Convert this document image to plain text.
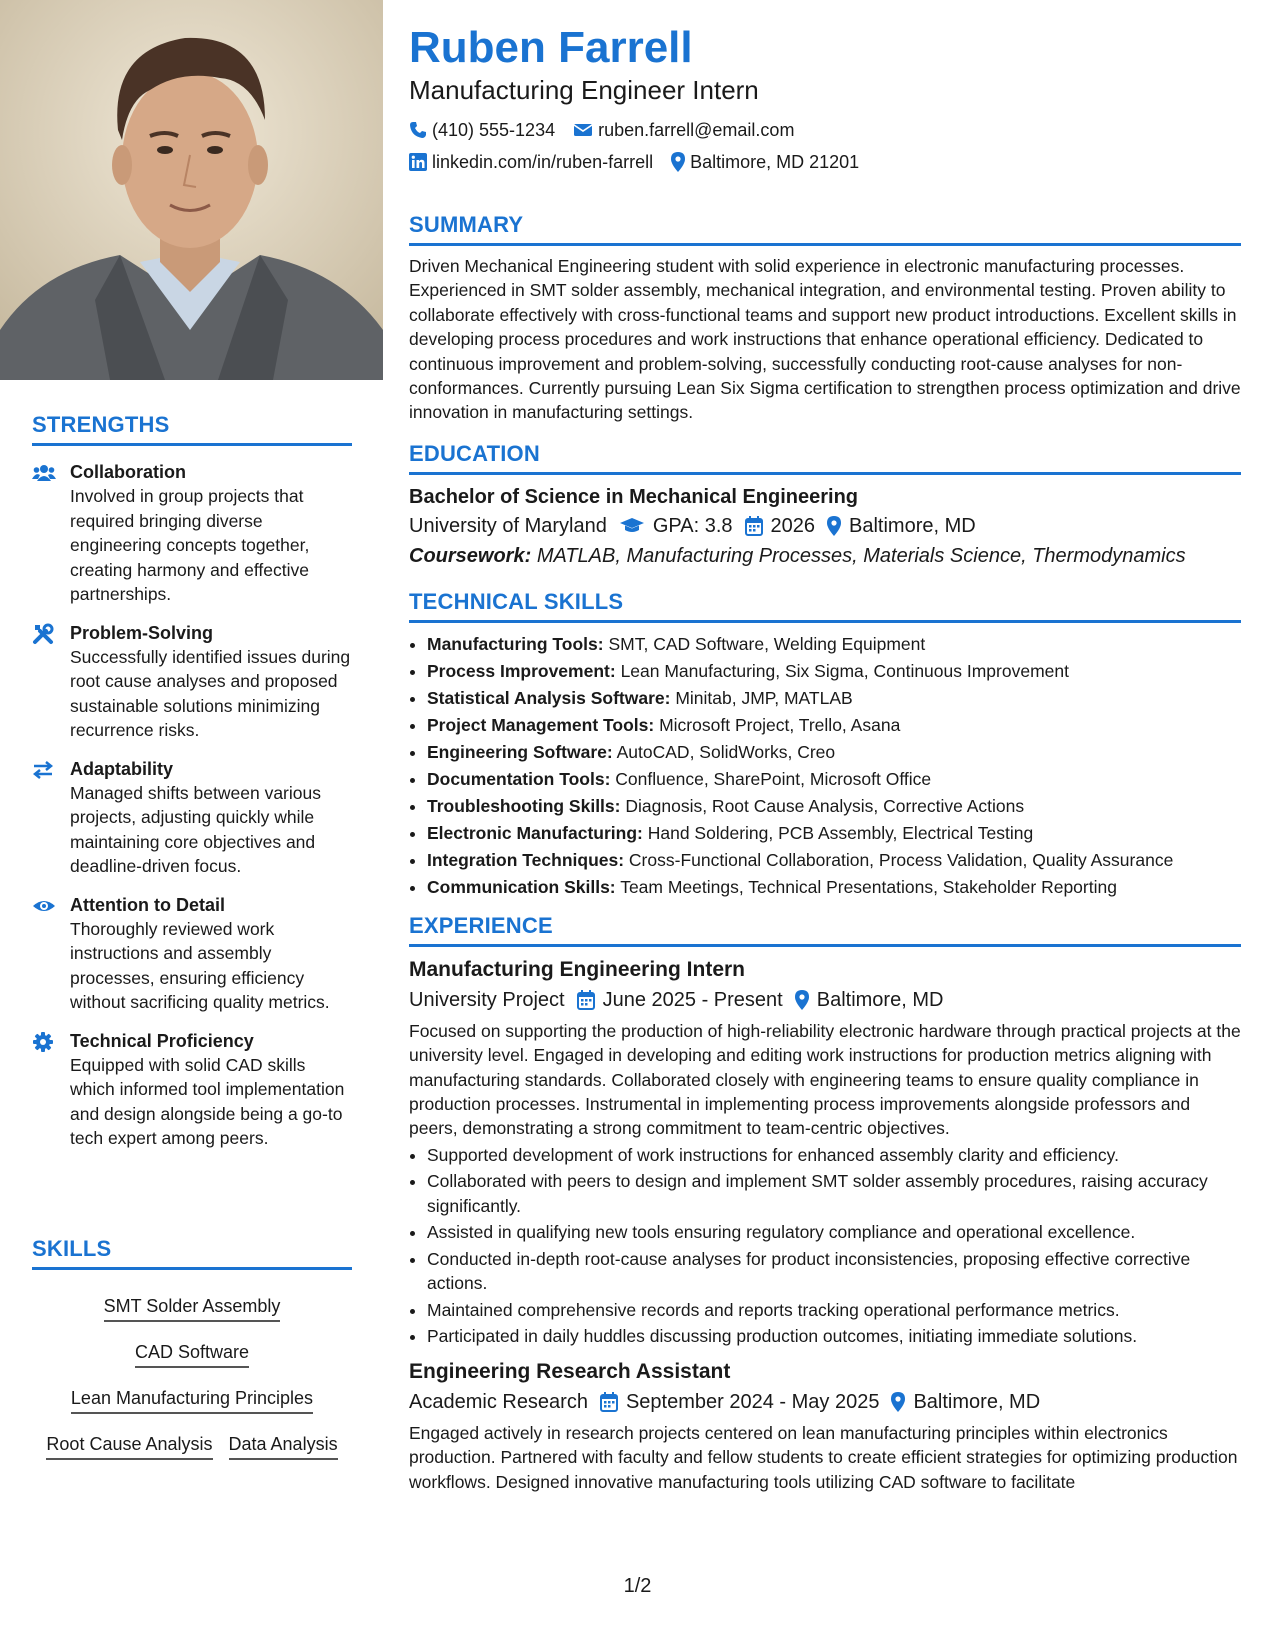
STRENGTHS
Collaboration
Involved in group projects that required bringing diverse engineering concepts together, creating harmony and effective partnerships.
Problem-Solving
Successfully identified issues during root cause analyses and proposed sustainable solutions minimizing recurrence risks.
Adaptability
Managed shifts between various projects, adjusting quickly while maintaining core objectives and deadline-driven focus.
Attention to Detail
Thoroughly reviewed work instructions and assembly processes, ensuring efficiency without sacrificing quality metrics.
Technical Proficiency
Equipped with solid CAD skills which informed tool implementation and design alongside being a go-to tech expert among peers.
SKILLS
SMT Solder Assembly
CAD Software
Lean Manufacturing Principles
Root Cause Analysis Data Analysis
Ruben Farrell
Manufacturing Engineer Intern
(410) 555-1234 ruben.farrell@email.com
linkedin.com/in/ruben-farrell Baltimore, MD 21201
SUMMARY

Driven Mechanical Engineering student with solid experience in electronic manufacturing processes. Experienced in SMT solder assembly, mechanical integration, and environmental testing. Proven ability to collaborate effectively with cross-functional teams and support new product introductions. Excellent skills in developing process procedures and work instructions that enhance operational efficiency. Dedicated to continuous improvement and problem-solving, successfully conducting root-cause analyses for non-conformances. Currently pursuing Lean Six Sigma certification to strengthen process optimization and drive innovation in manufacturing settings.

EDUCATION
Bachelor of Science in Mechanical Engineering
University of Maryland GPA: 3.8 2026 Baltimore, MD
Coursework: MATLAB, Manufacturing Processes, Materials Science, Thermodynamics
TECHNICAL SKILLS
• Manufacturing Tools: SMT, CAD Software, Welding Equipment
• Process Improvement: Lean Manufacturing, Six Sigma, Continuous Improvement
• Statistical Analysis Software: Minitab, JMP, MATLAB
• Project Management Tools: Microsoft Project, Trello, Asana
• Engineering Software: AutoCAD, SolidWorks, Creo
• Documentation Tools: Confluence, SharePoint, Microsoft Office
• Troubleshooting Skills: Diagnosis, Root Cause Analysis, Corrective Actions
• Electronic Manufacturing: Hand Soldering, PCB Assembly, Electrical Testing
• Integration Techniques: Cross-Functional Collaboration, Process Validation, Quality Assurance
• Communication Skills: Team Meetings, Technical Presentations, Stakeholder Reporting
EXPERIENCE
Manufacturing Engineering Intern
University Project June 2025 - Present Baltimore, MD

Focused on supporting the production of high-reliability electronic hardware through practical projects at the university level. Engaged in developing and editing work instructions for production metrics aligning with manufacturing standards. Collaborated closely with engineering teams to ensure quality compliance in production processes. Instrumental in implementing process improvements alongside professors and peers, demonstrating a strong commitment to team-centric objectives.

• Supported development of work instructions for enhanced assembly clarity and efficiency.
• Collaborated with peers to design and implement SMT solder assembly procedures, raising accuracy significantly.
• Assisted in qualifying new tools ensuring regulatory compliance and operational excellence.
• Conducted in-depth root-cause analyses for product inconsistencies, proposing effective corrective actions.
• Maintained comprehensive records and reports tracking operational performance metrics.
• Participated in daily huddles discussing production outcomes, initiating immediate solutions.
Engineering Research Assistant
Academic Research September 2024 - May 2025 Baltimore, MD

Engaged actively in research projects centered on lean manufacturing principles within electronics production. Partnered with faculty and fellow students to create efficient strategies for optimizing production workflows. Designed innovative manufacturing tools utilizing CAD software to facilitate

1/2
